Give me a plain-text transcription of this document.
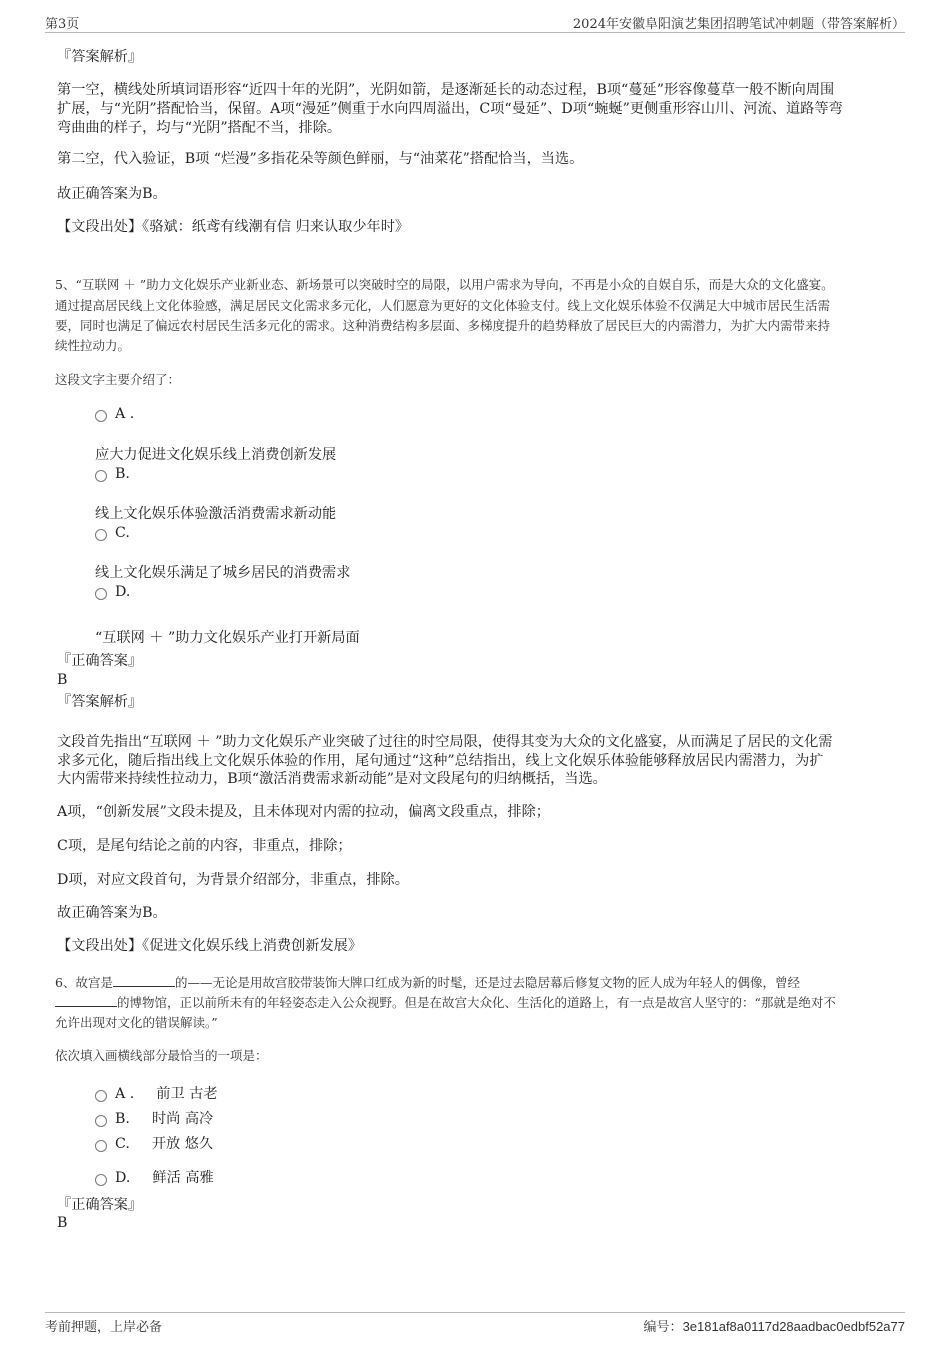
第3页	2024年安徽阜阳演艺集团招聘笔试冲刺题（带答案解析）
『答案解析』
第一空，横线处所填词语形容“近四十年的光阴”，光阴如箭，是逐渐延长的动态过程，B项“蔓延”形容像蔓草一般不断向周围
扩展，与“光阴”搭配恰当，保留。A项“漫延”侧重于水向四周溢出，C项“曼延”、D项“蜿蜒”更侧重形容山川、河流、道路等弯
弯曲曲的样子，均与“光阴”搭配不当，排除。
第二空，代入验证，B项 “烂漫”多指花朵等颜色鲜丽，与“油菜花”搭配恰当，当选。
故正确答案为B。
【文段出处】《骆斌：纸鸢有线潮有信 归来认取少年时》
5、“互联网 ＋ ”助力文化娱乐产业新业态、新场景可以突破时空的局限，以用户需求为导向，不再是小众的自娱自乐，而是大众的文化盛宴。
通过提高居民线上文化体验感，满足居民文化需求多元化，人们愿意为更好的文化体验支付。线上文化娱乐体验不仅满足大中城市居民生活需
要，同时也满足了偏远农村居民生活多元化的需求。这种消费结构多层面、多梯度提升的趋势释放了居民巨大的内需潜力，为扩大内需带来持
续性拉动力。
这段文字主要介绍了：
A .
应大力促进文化娱乐线上消费创新发展
B.
线上文化娱乐体验激活消费需求新动能
C.
线上文化娱乐满足了城乡居民的消费需求
D.
“互联网 ＋ ”助力文化娱乐产业打开新局面
『正确答案』
B
『答案解析』
文段首先指出“互联网 ＋ ”助力文化娱乐产业突破了过往的时空局限，使得其变为大众的文化盛宴，从而满足了居民的文化需
求多元化，随后指出线上文化娱乐体验的作用，尾句通过“这种”总结指出，线上文化娱乐体验能够释放居民内需潜力，为扩
大内需带来持续性拉动力，B项“激活消费需求新动能”是对文段尾句的归纳概括，当选。
A项，“创新发展”文段未提及，且未体现对内需的拉动，偏离文段重点，排除；
C项，是尾句结论之前的内容，非重点，排除；
D项，对应文段首句，为背景介绍部分，非重点，排除。
故正确答案为B。
【文段出处】《促进文化娱乐线上消费创新发展》
6、故宫是	的——无论是用故宫胶带装饰大牌口红成为新的时髦，还是过去隐居幕后修复文物的匠人成为年轻人的偶像，曾经
的博物馆，正以前所未有的年轻姿态走入公众视野。但是在故宫大众化、生活化的道路上，有一点是故宫人坚守的：“那就是绝对不
允许出现对文化的错误解读。”
依次填入画横线部分最恰当的一项是：
A . 前卫 古老
B. 时尚 高冷
C. 开放 悠久
D. 鲜活 高雅
『正确答案』
B
考前押题，上岸必备	编号：3e181af8a0117d28aadbac0edbf52a77
